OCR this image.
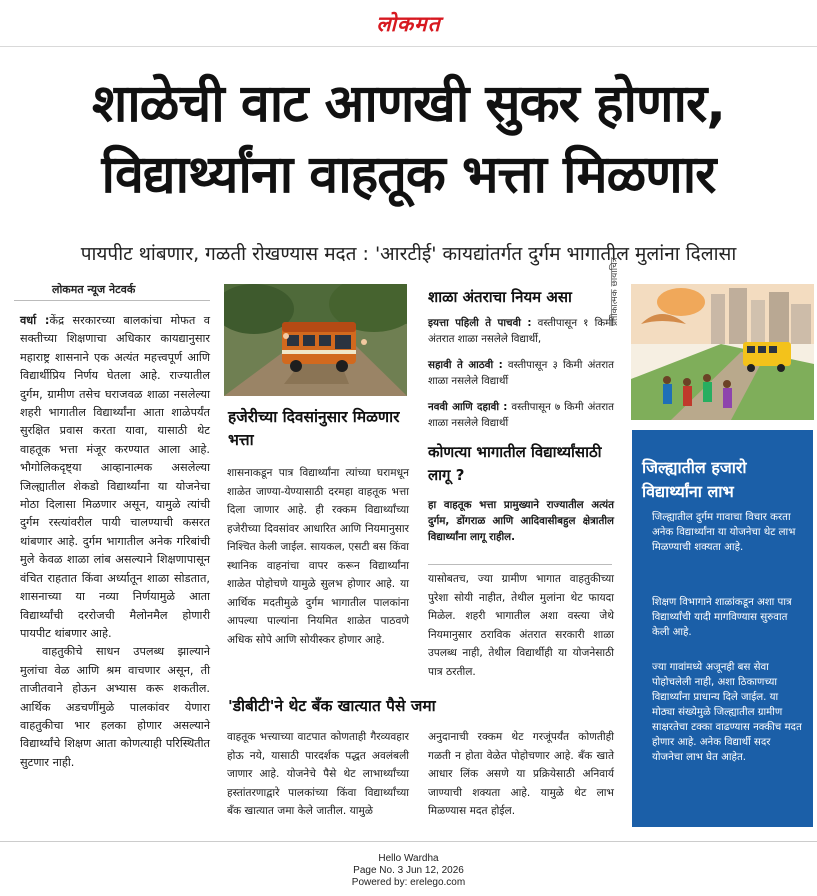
लोकमत
शाळेची वाट आणखी सुकर होणार,
विद्यार्थ्यांना वाहतूक भत्ता मिळणार
पायपीट थांबणार, गळती रोखण्यास मदत : 'आरटीई' कायद्यांतर्गत दुर्गम भागातील मुलांना दिलासा
लोकमत न्यूज नेटवर्क

वर्धा :केंद्र सरकारच्या बालकांचा मोफत व सक्तीच्या शिक्षणाचा अधिकार कायद्यानुसार महाराष्ट्र शासनाने एक अत्यंत महत्त्वपूर्ण आणि विद्यार्थीप्रिय निर्णय घेतला आहे. राज्यातील दुर्गम, ग्रामीण तसेच घराजवळ शाळा नसलेल्या शहरी भागातील विद्यार्थ्यांना आता शाळेपर्यंत सुरक्षित प्रवास करता यावा, यासाठी थेट वाहतूक भत्ता मंजूर करण्यात आला आहे. भौगोलिकदृष्ट्या आव्हानात्मक असलेल्या जिल्ह्यातील शेकडो विद्यार्थ्यांना या योजनेचा मोठा दिलासा मिळणार असून, यामुळे त्यांची दुर्गम रस्त्यांवरील पायी चालण्याची कसरत थांबणार आहे. दुर्गम भागातील अनेक गरिबांची मुले केवळ शाळा लांब असल्याने शिक्षणापासून वंचित राहतात किंवा अर्ध्यातून शाळा सोडतात, शासनाच्या या नव्या निर्णयामुळे आता विद्यार्थ्यांची दररोजची मैलोनमैल होणारी पायपीट थांबणार आहे.

वाहतुकीचे साधन उपलब्ध झाल्याने मुलांचा वेळ आणि श्रम वाचणार असून, ती ताजीतवाने होऊन अभ्यास करू शकतील. आर्थिक अडचणींमुळे पालकांवर येणारा वाहतुकीचा भार हलका होणार असल्याने विद्यार्थ्यांचे शिक्षण आता कोणत्याही परिस्थितीत सुटणार नाही.

हजेरीच्या दिवसांनुसार मिळणार भत्ता

शासनाकडून पात्र विद्यार्थ्यांना त्यांच्या घरामधून शाळेत जाण्या-येण्यासाठी दरमहा वाहतूक भत्ता दिला जाणार आहे. ही रक्कम विद्यार्थ्यांच्या हजेरीच्या दिवसांवर आधारित आणि नियमानुसार निश्चित केली जाईल. सायकल, एसटी बस किंवा स्थानिक वाहनांचा वापर करून विद्यार्थ्यांना शाळेत पोहोचणे यामुळे सुलभ होणार आहे. या आर्थिक मदतीमुळे दुर्गम भागातील पालकांना आपल्या पाल्यांना नियमित शाळेत पाठवणे अधिक सोपे आणि सोयीस्कर होणार आहे.

शाळा अंतराचा नियम असा

इयत्ता पहिली ते पाचवी : वस्तीपासून १ किमी अंतरात शाळा नसलेले विद्यार्थी,

सहावी ते आठवी : वस्तीपासून ३ किमी अंतरात शाळा नसलेले विद्यार्थी

नववी आणि दहावी : वस्तीपासून ७ किमी अंतरात शाळा नसलेले विद्यार्थी

प्रतीकात्मक छायाचित्र
कोणत्या भागातील विद्यार्थ्यांसाठी लागू ?

हा वाहतूक भत्ता प्रामुख्याने राज्यातील अत्यंत दुर्गम, डोंगराळ आणि आदिवासीबहुल क्षेत्रातील विद्यार्थ्यांना लागू राहील.

यासोबतच, ज्या ग्रामीण भागात वाहतुकीच्या पुरेशा सोयी नाहीत, तेथील मुलांना थेट फायदा मिळेल. शहरी भागातील अशा वस्त्या जेथे नियमानुसार ठराविक अंतरात सरकारी शाळा उपलब्ध नाही, तेथील विद्यार्थीही या योजनेसाठी पात्र ठरतील.

'डीबीटी'ने थेट बँक खात्यात पैसे जमा

वाहतूक भत्त्याच्या वाटपात कोणताही गैरव्यवहार होऊ नये, यासाठी पारदर्शक पद्धत अवलंबली जाणार आहे. योजनेचे पैसे थेट लाभार्थ्यांच्या हस्तांतरणाद्वारे पालकांच्या किंवा विद्यार्थ्यांच्या बँक खात्यात जमा केले जातील. यामुळे

अनुदानाची रक्कम थेट गरजूंपर्यंत कोणतीही गळती न होता वेळेत पोहोचणार आहे. बँक खाते आधार लिंक असणे या प्रक्रियेसाठी अनिवार्य जाण्याची शक्यता आहे. यामुळे थेट लाभ मिळण्यास मदत होईल.

जिल्ह्यातील हजारो विद्यार्थ्यांना लाभ
जिल्ह्यातील दुर्गम गावाचा विचार करता अनेक विद्यार्थ्यांना या योजनेचा थेट लाभ मिळण्याची शक्यता आहे.
शिक्षण विभागाने शाळांकडून अशा पात्र विद्यार्थ्यांची यादी मागविण्यास सुरुवात केली आहे.
ज्या गावांमध्ये अजूनही बस सेवा पोहोचलेली नाही, अशा ठिकाणच्या विद्यार्थ्यांना प्राधान्य दिले जाईल. या मोठ्या संख्येमुळे जिल्ह्यातील ग्रामीण साक्षरतेचा टक्का वाढण्यास नक्कीच मदत होणार आहे. अनेक विद्यार्थी सदर योजनेचा लाभ घेत आहेत.
Hello Wardha
Page No. 3 Jun 12, 2026
Powered by: erelego.com
